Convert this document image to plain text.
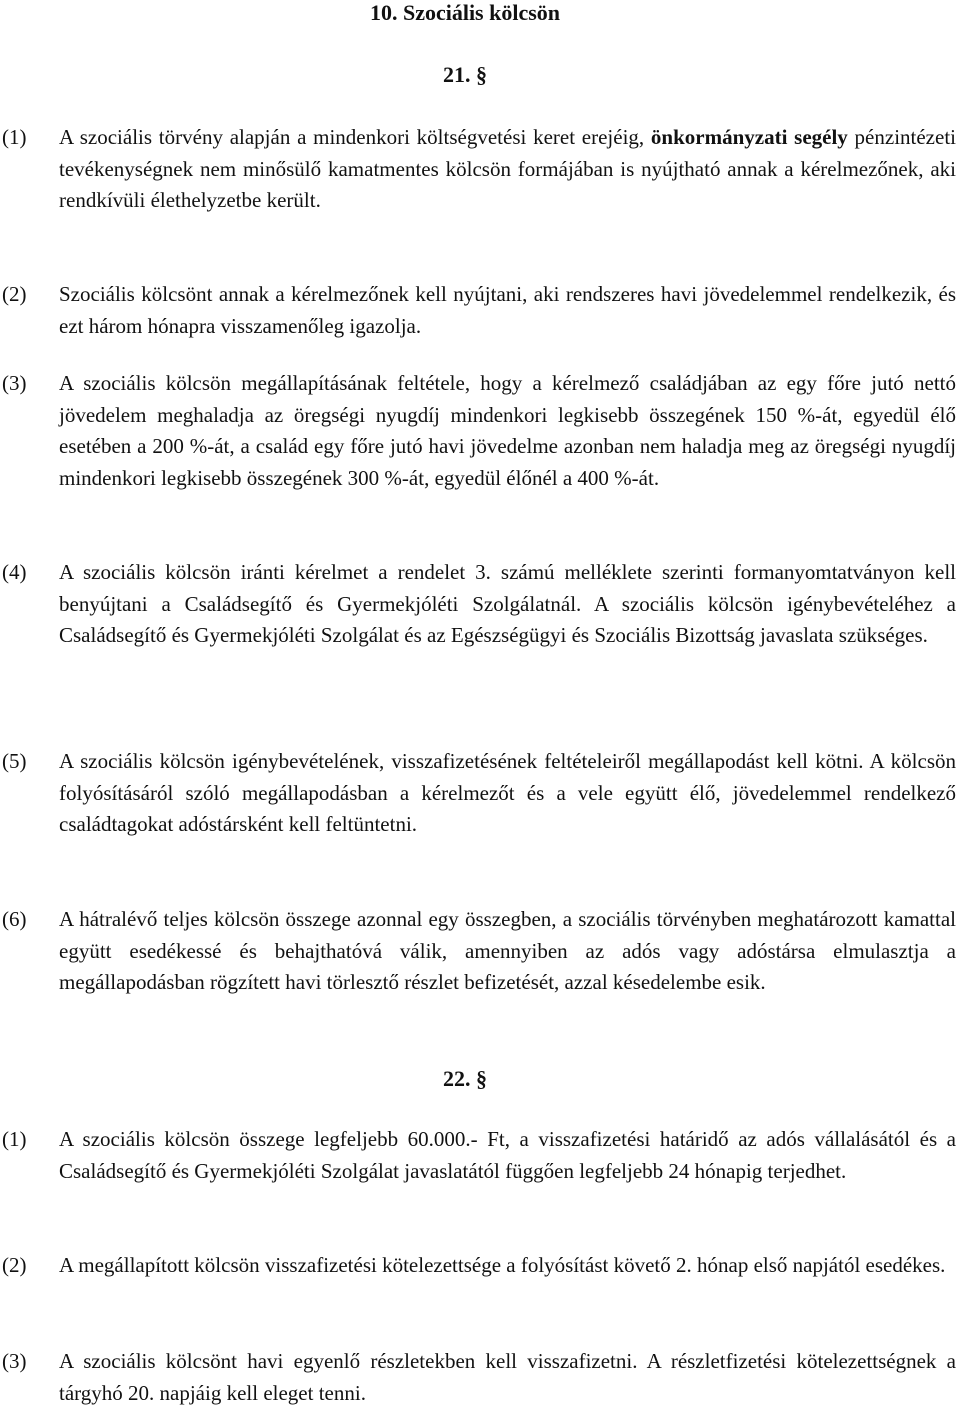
10. Szociális kölcsön
21. §
(1)	A szociális törvény alapján a mindenkori költségvetési keret erejéig, önkormányzati segély pénzintézeti tevékenységnek nem minősülő kamatmentes kölcsön formájában is nyújtható annak a kérelmezőnek, aki rendkívüli élethelyzetbe került.
(2)	Szociális kölcsönt annak a kérelmezőnek kell nyújtani, aki rendszeres havi jövedelemmel rendelkezik, és ezt három hónapra visszamenőleg igazolja.
(3)	A szociális kölcsön megállapításának feltétele, hogy a kérelmező családjában az egy főre jutó nettó jövedelem meghaladja az öregségi nyugdíj mindenkori legkisebb összegének 150 %-át, egyedül élő esetében a 200 %-át, a család egy főre jutó havi jövedelme azonban nem haladja meg az öregségi nyugdíj mindenkori legkisebb összegének 300 %-át, egyedül élőnél a 400 %-át.
(4)	A szociális kölcsön iránti kérelmet a rendelet 3. számú melléklete szerinti formanyomtatványon kell benyújtani a Családsegítő és Gyermekjóléti Szolgálatnál. A szociális kölcsön igénybevételéhez a Családsegítő és Gyermekjóléti Szolgálat és az Egészségügyi és Szociális Bizottság javaslata szükséges.
(5)	A szociális kölcsön igénybevételének, visszafizetésének feltételeiről megállapodást kell kötni. A kölcsön folyósításáról szóló megállapodásban a kérelmezőt és a vele együtt élő, jövedelemmel rendelkező családtagokat adóstársként kell feltüntetni.
(6)	A hátralévő teljes kölcsön összege azonnal egy összegben, a szociális törvényben meghatározott kamattal együtt esedékessé és behajthatóvá válik, amennyiben az adós vagy adóstársa elmulasztja a megállapodásban rögzített havi törlesztő részlet befizetését, azzal késedelembe esik.
22. §
(1)	A szociális kölcsön összege legfeljebb 60.000.- Ft, a visszafizetési határidő az adós vállalásától és a Családsegítő és Gyermekjóléti Szolgálat javaslatától függően legfeljebb 24 hónapig terjedhet.
(2)	A megállapított kölcsön visszafizetési kötelezettsége a folyósítást követő 2. hónap első napjától esedékes.
(3)	A szociális kölcsönt havi egyenlő részletekben kell visszafizetni. A részletfizetési kötelezettségnek a tárgyhó 20. napjáig kell eleget tenni.
